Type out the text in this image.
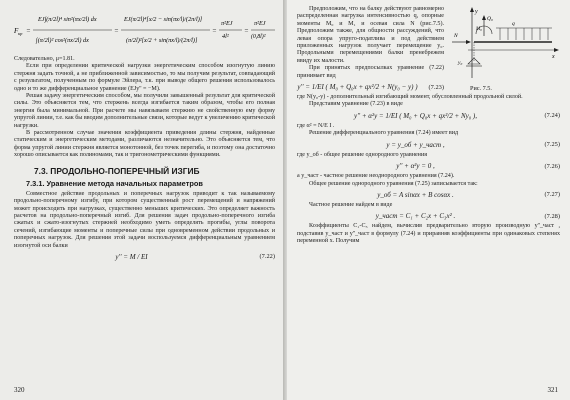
F кр =
EJ∫(π/2l)⁴ sin²(πx/2l) dx
∫(π/2l)² cos²(πx/2l) dx
=
EJ(π/2l)⁴[x/2 − sin(πx/l)/(2π/l)]
(π/2l)²[x/2 + sin(πx/l)/(2π/l)]
=
π²EJ
4l²
=
π²EJ
(0,8l)²

Следовательно, μ=1.81.

Если при определении критической нагрузки энергетическим способом изогнутую линию стержня задать точной, а не приближенной зависимостью, то мы получим результат, совпадающий с результатом, полученным по формуле Эйлера, т.к. при выводе общего решения использовалось одно и то же дифференциальное уравнение (EJy'' = −M).

Решая задачу энергетическим способом, мы получили завышенный результат для критической силы. Это объясняется тем, что стержень всегда изгибается таким образом, чтобы его полная энергия была минимальной. При расчете мы навязываем стержню не свойственную ему форму упругой линии, т.е. как бы вводим дополнительные связи, которые ведут к увеличению критической нагрузки.

В рассмотренном случае значения коэффициента приведения длины стержня, найденные статическим и энергетическим методами, различаются незначительно. Это объясняется тем, что форма упругой линии стержня является монотонной, без точек перегиба, и поэтому она достаточно хорошо описывается как полиномами, так и тригонометрическими функциями.

7.3. ПРОДОЛЬНО-ПОПЕРЕЧНЫЙ ИЗГИБ
7.3.1. Уравнение метода начальных параметров

Совместное действие продольных и поперечных нагрузок приводит к так называемому продольно-поперечному изгибу, при котором существенный рост перемещений и напряжений может происходить при нагрузках, существенно меньших критических. Это определяет важность расчетов на продольно-поперечный изгиб. Для решения задач продольно-поперечного изгиба сжатых и сжато-изогнутых стержней необходимо уметь определять прогибы, углы поворота сечений, изгибающие моменты и поперечные силы при одновременном действии продольных и поперечных нагрузок. Для решения этой задачи воспользуемся дифференциальным уравнением изогнутой оси балки

y'' = M / EI	(7.22)
320
y
Q₀
N
M₀
q
x
y₀
Рис. 7.5.

Предположим, что на балку действуют равномерно распределенная нагрузка интенсивностью q, опорные моменты M₀ и M₁ и осевая сила N (рис.7.5). Предположим также, для общности рассуждений, что левая опора упруго-податлива и под действием приложенных нагрузок получает перемещение y₀. Продольными перемещениями балки пренебрежем ввиду их малости.

При принятых предпосылках уравнение (7.22) принимает вид

y'' = 1/EI ( M₀ + Q₀x + qx²/2 + N(y₀ − y) )	(7.23)

где N(y₀-y) - дополнительный изгибающий момент, обусловленный продольной силой.

Представим уравнение (7.23) в виде

y'' + α²y = 1/EI ( M₀ + Q₀x + qx²/2 + Ny₀ ),	(7.24)

где α² = N/E I .

Решение дифференциального уравнения (7.24) имеет вид

y = y_об + y_част ,	(7.25)

где y_об - общее решение однородного уравнения

y'' + α²y = 0 ,	(7.26)

а y_част - частное решение неоднородного уравнения (7.24).

Общее решение однородного уравнения (7.25) записывается так:

y_об = A sinαx + B cosαx .	(7.27)

Частное решение найдем в виде

y_част = C₁ + C₂x + C₃x² .	(7.28)

Коэффициенты C₁-C₃ найдем, вычислив предварительно вторую производную y''_част , подставив y_част и y''_част в формулу (7.24) и приравняв коэффициенты при одинаковых степенях переменной x. Получим

321
